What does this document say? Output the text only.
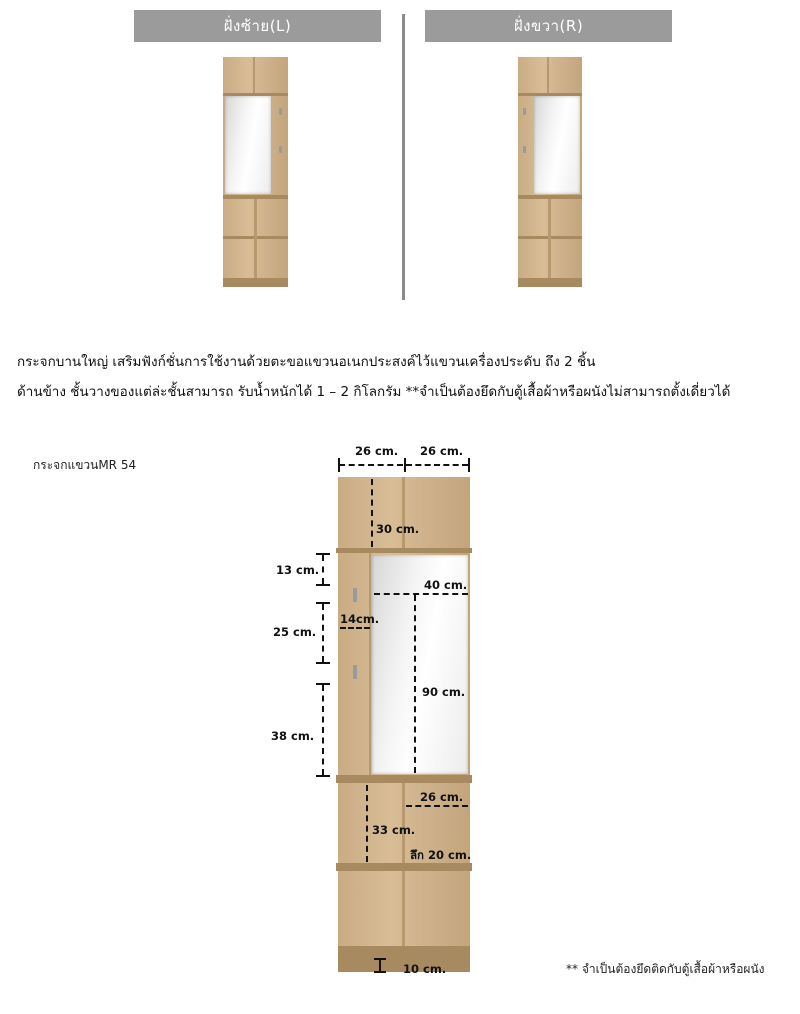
ฝั่งซ้าย(L)	ฝั่งขวา(R)
กระจกบานใหญ่ เสริมฟังก์ชั่นการใช้งานด้วยตะขอแขวนอเนกประสงค์ไว้แขวนเครื่องประดับ ถึง 2 ชิ้น
ด้านข้าง ชั้นวางของแต่ล่ะชั้นสามารถ รับน้ำหนักได้ 1 – 2 กิโลกรัม **จำเป็นต้องยึดกับตู้เสื้อผ้าหรือผนังไม่สามารถตั้งเดี่ยวได้
กระจกแขวนMR 54
26 cm. 26 cm.
30 cm.
13 cm.
25 cm.
38 cm.
14cm.
40 cm.
90 cm.
26 cm.
33 cm.
ลึก 20 cm.
10 cm.	** จำเป็นต้องยึดติดกับตู้เสื้อผ้าหรือผนัง
